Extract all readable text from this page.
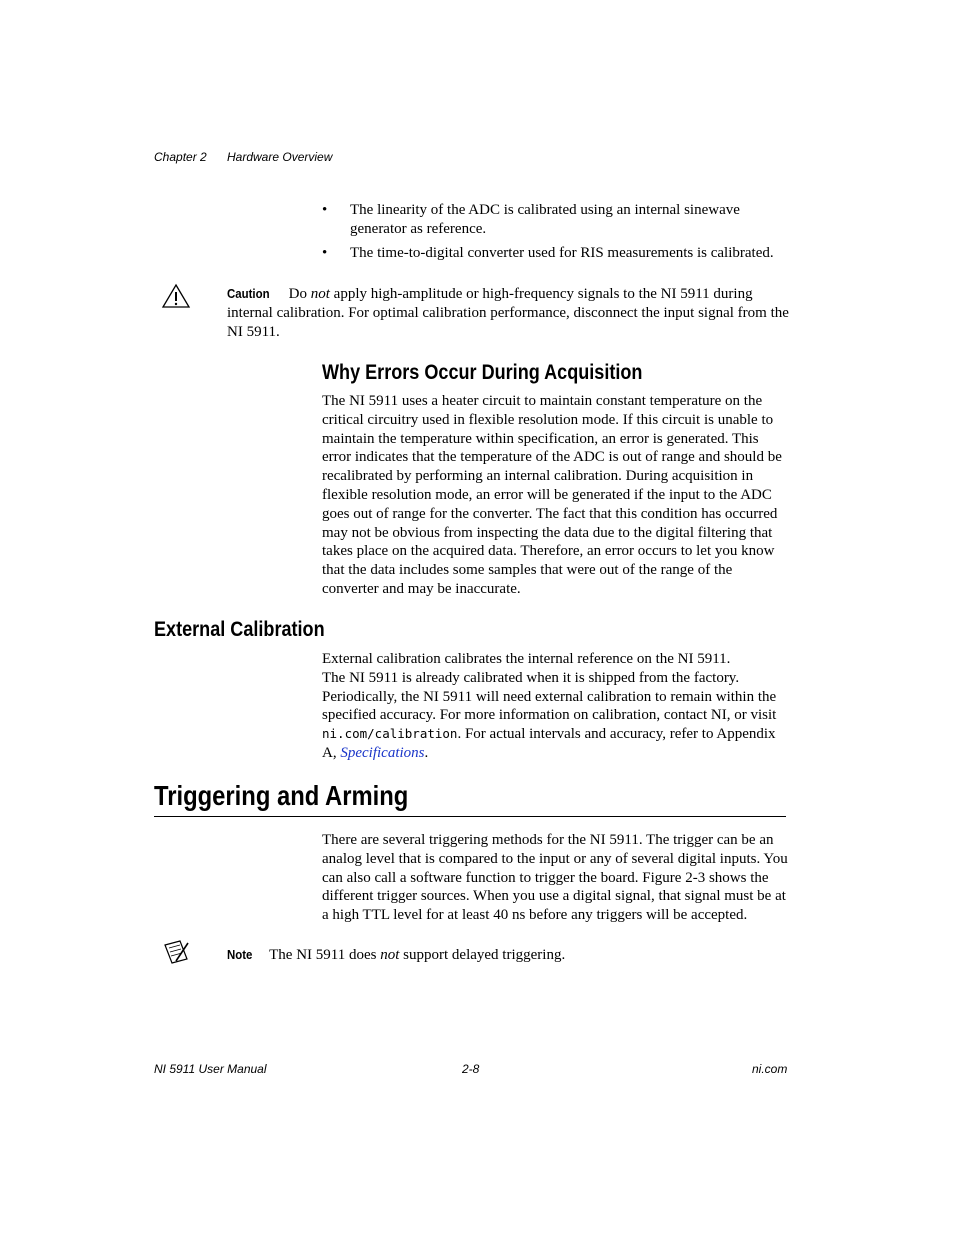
Chapter 2 Hardware Overview
• The linearity of the ADC is calibrated using an internal sinewave generator as reference.
• The time-to-digital converter used for RIS measurements is calibrated.
Caution Do not apply high-amplitude or high-frequency signals to the NI 5911 during internal calibration. For optimal calibration performance, disconnect the input signal from the NI 5911.
Why Errors Occur During Acquisition
The NI 5911 uses a heater circuit to maintain constant temperature on the critical circuitry used in flexible resolution mode. If this circuit is unable to maintain the temperature within specification, an error is generated. This error indicates that the temperature of the ADC is out of range and should be recalibrated by performing an internal calibration. During acquisition in flexible resolution mode, an error will be generated if the input to the ADC goes out of range for the converter. The fact that this condition has occurred may not be obvious from inspecting the data due to the digital filtering that takes place on the acquired data. Therefore, an error occurs to let you know that the data includes some samples that were out of the range of the converter and may be inaccurate.
External Calibration
External calibration calibrates the internal reference on the NI 5911.
The NI 5911 is already calibrated when it is shipped from the factory. Periodically, the NI 5911 will need external calibration to remain within the specified accuracy. For more information on calibration, contact NI, or visit ni.com/calibration. For actual intervals and accuracy, refer to Appendix A, Specifications.
Triggering and Arming
There are several triggering methods for the NI 5911. The trigger can be an analog level that is compared to the input or any of several digital inputs. You can also call a software function to trigger the board. Figure 2-3 shows the different trigger sources. When you use a digital signal, that signal must be at a high TTL level for at least 40 ns before any triggers will be accepted.
Note The NI 5911 does not support delayed triggering.
NI 5911 User Manual	2-8	ni.com
